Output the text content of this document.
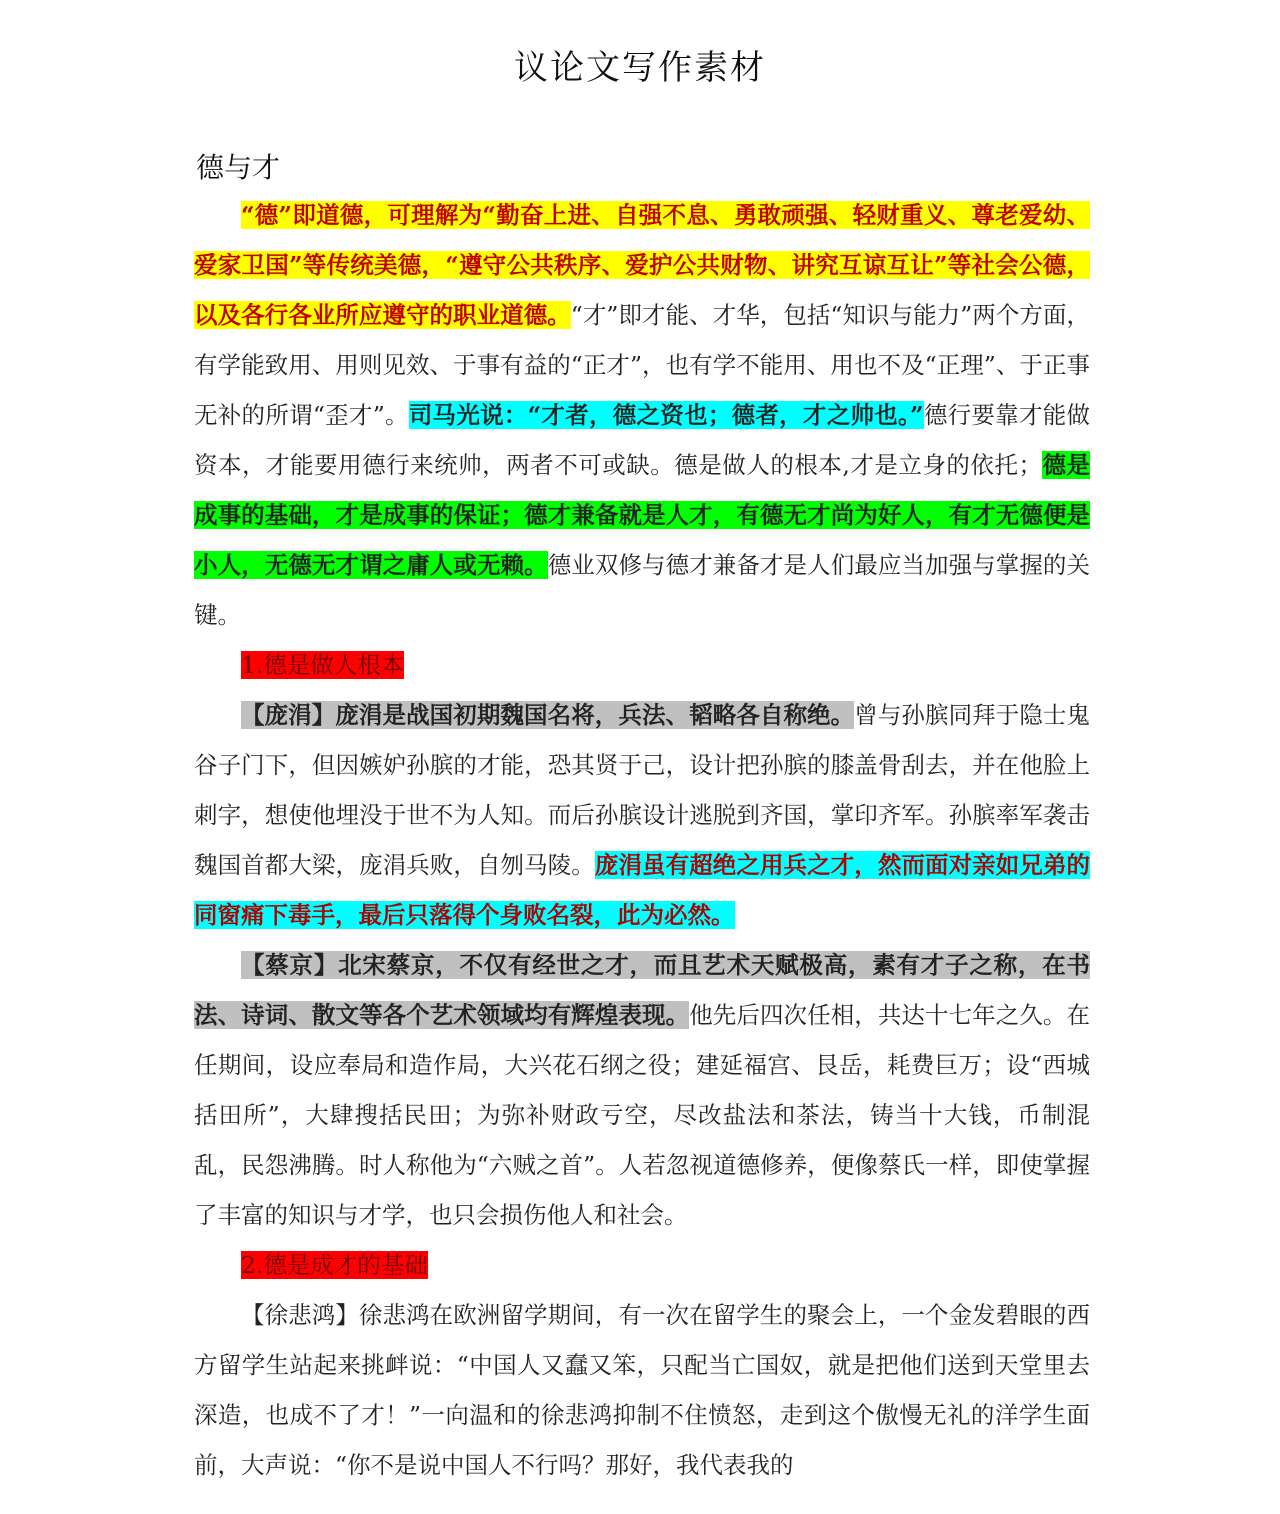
议论文写作素材
德与才

“德”即道德，可理解为“勤奋上进、自强不息、勇敢顽强、轻财重义、尊老爱幼、爱家卫国”等传统美德，“遵守公共秩序、爱护公共财物、讲究互谅互让”等社会公德，以及各行各业所应遵守的职业道德。“才”即才能、才华，包括“知识与能力”两个方面，有学能致用、用则见效、于事有益的“正才”，也有学不能用、用也不及“正理”、于正事无补的所谓“歪才”。司马光说：“才者，德之资也；德者，才之帅也。”德行要靠才能做资本，才能要用德行来统帅，两者不可或缺。德是做人的根本,才是立身的依托；德是成事的基础，才是成事的保证；德才兼备就是人才，有德无才尚为好人，有才无德便是小人，无德无才谓之庸人或无赖。德业双修与德才兼备才是人们最应当加强与掌握的关键。

1.德是做人根本

【庞涓】庞涓是战国初期魏国名将，兵法、韬略各自称绝。曾与孙膑同拜于隐士鬼谷子门下，但因嫉妒孙膑的才能，恐其贤于己，设计把孙膑的膝盖骨刮去，并在他脸上刺字，想使他埋没于世不为人知。而后孙膑设计逃脱到齐国，掌印齐军。孙膑率军袭击魏国首都大梁，庞涓兵败，自刎马陵。庞涓虽有超绝之用兵之才，然而面对亲如兄弟的同窗痛下毒手，最后只落得个身败名裂，此为必然。

【蔡京】北宋蔡京，不仅有经世之才，而且艺术天赋极高，素有才子之称，在书法、诗词、散文等各个艺术领域均有辉煌表现。他先后四次任相，共达十七年之久。在任期间，设应奉局和造作局，大兴花石纲之役；建延福宫、艮岳，耗费巨万；设“西城括田所”，大肆搜括民田；为弥补财政亏空，尽改盐法和茶法，铸当十大钱，币制混乱，民怨沸腾。时人称他为“六贼之首”。人若忽视道德修养，便像蔡氏一样，即使掌握了丰富的知识与才学，也只会损伤他人和社会。

2.德是成才的基础

【徐悲鸿】徐悲鸿在欧洲留学期间，有一次在留学生的聚会上，一个金发碧眼的西方留学生站起来挑衅说：“中国人又蠢又笨，只配当亡国奴，就是把他们送到天堂里去深造，也成不了才！”一向温和的徐悲鸿抑制不住愤怒，走到这个傲慢无礼的洋学生面前，大声说：“你不是说中国人不行吗？那好，我代表我的
